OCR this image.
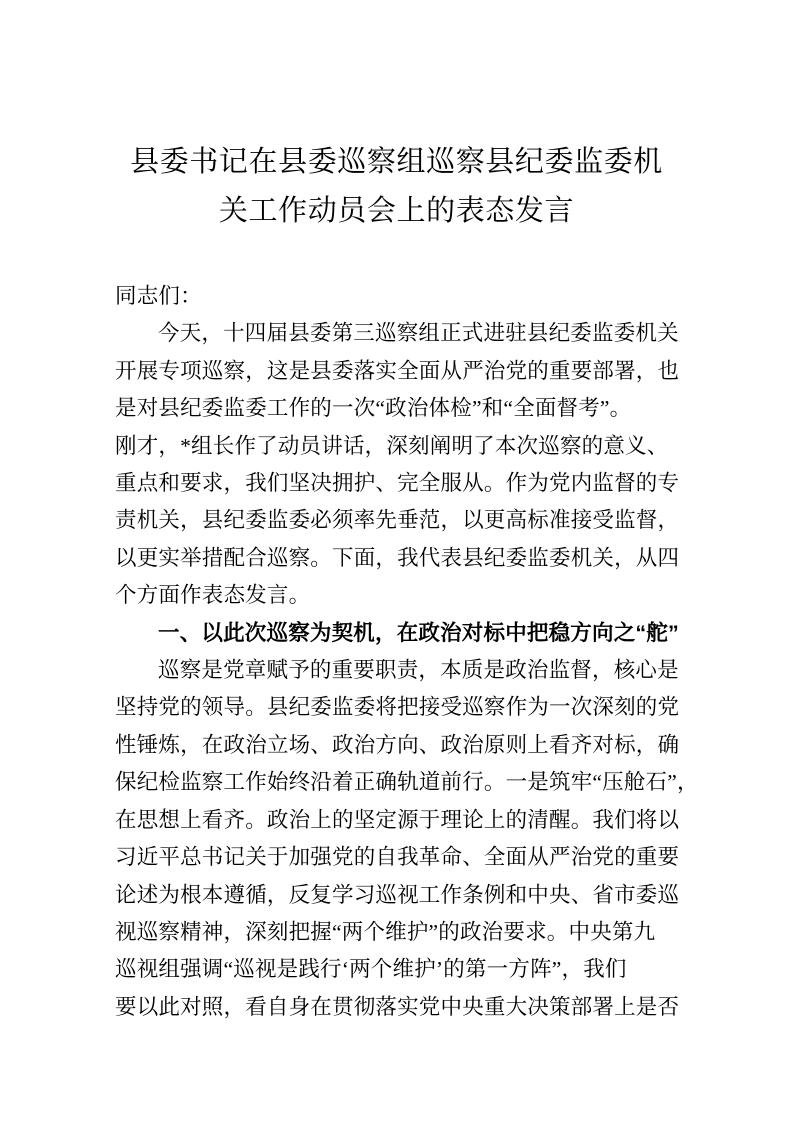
县委书记在县委巡察组巡察县纪委监委机
关工作动员会上的表态发言
同志们：
今天，十四届县委第三巡察组正式进驻县纪委监委机关
开展专项巡察，这是县委落实全面从严治党的重要部署，也
是对县纪委监委工作的一次“政治体检”和“全面督考”。
刚才，*组长作了动员讲话，深刻阐明了本次巡察的意义、
重点和要求，我们坚决拥护、完全服从。作为党内监督的专
责机关，县纪委监委必须率先垂范，以更高标准接受监督，
以更实举措配合巡察。下面，我代表县纪委监委机关，从四
个方面作表态发言。
一、以此次巡察为契机，在政治对标中把稳方向之“舵”
巡察是党章赋予的重要职责，本质是政治监督，核心是
坚持党的领导。县纪委监委将把接受巡察作为一次深刻的党
性锤炼，在政治立场、政治方向、政治原则上看齐对标，确
保纪检监察工作始终沿着正确轨道前行。一是筑牢“压舱石”，
在思想上看齐。政治上的坚定源于理论上的清醒。我们将以
习近平总书记关于加强党的自我革命、全面从严治党的重要
论述为根本遵循，反复学习巡视工作条例和中央、省市委巡
视巡察精神，深刻把握“两个维护”的政治要求。中央第九
巡视组强调“巡视是践行‘两个维护’的第一方阵”，我们
要以此对照，看自身在贯彻落实党中央重大决策部署上是否
